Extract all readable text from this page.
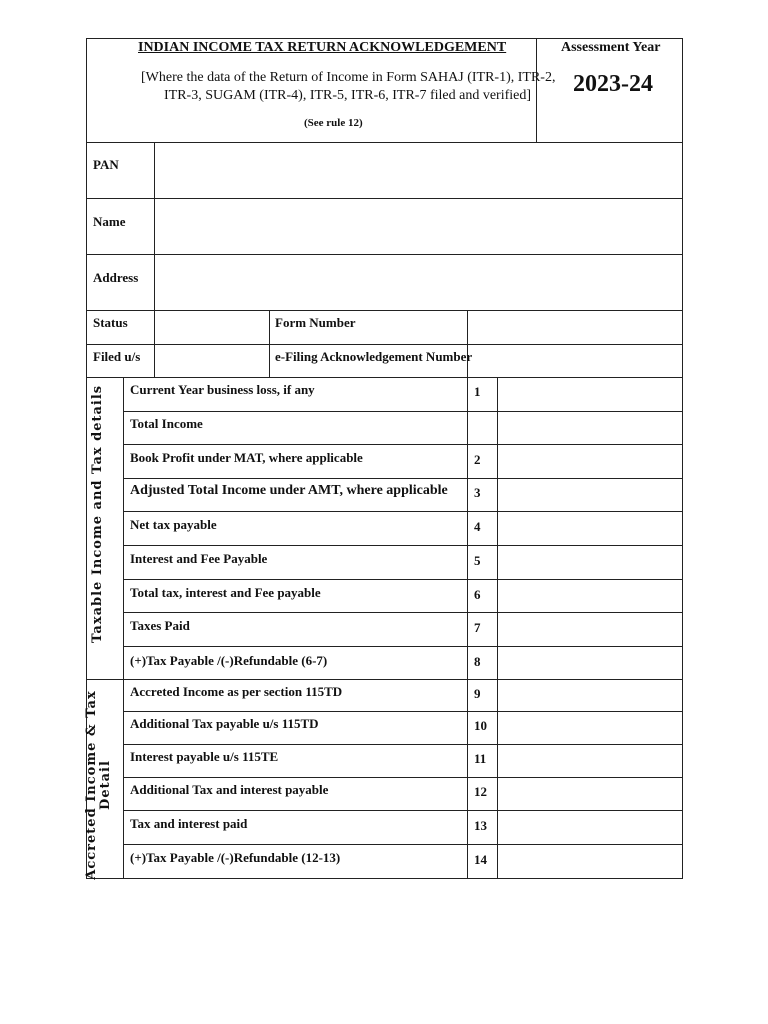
INDIAN INCOME TAX RETURN ACKNOWLEDGEMENT
[Where the data of the Return of Income in Form SAHAJ (ITR-1), ITR-2,
ITR-3, SUGAM (ITR-4), ITR-5, ITR-6, ITR-7 filed and verified]
(See rule 12)
Assessment Year
2023-24
PAN
Name
Address
Status	Form Number
Filed u/s	e-Filing Acknowledgement Number
Taxable Income and Tax details
Accreted Income & Tax Detail
Current Year business loss, if any	1
Total Income
Book Profit under MAT, where applicable	2
Adjusted Total Income under AMT, where applicable 3
Net tax payable	4
Interest and Fee Payable	5
Total tax, interest and Fee payable	6
Taxes Paid	7
(+)Tax Payable /(-)Refundable (6-7)	8
Accreted Income as per section 115TD	9
Additional Tax payable u/s 115TD	10
Interest payable u/s 115TE	11
Additional Tax and interest payable	12
Tax and interest paid	13
(+)Tax Payable /(-)Refundable (12-13)	14
